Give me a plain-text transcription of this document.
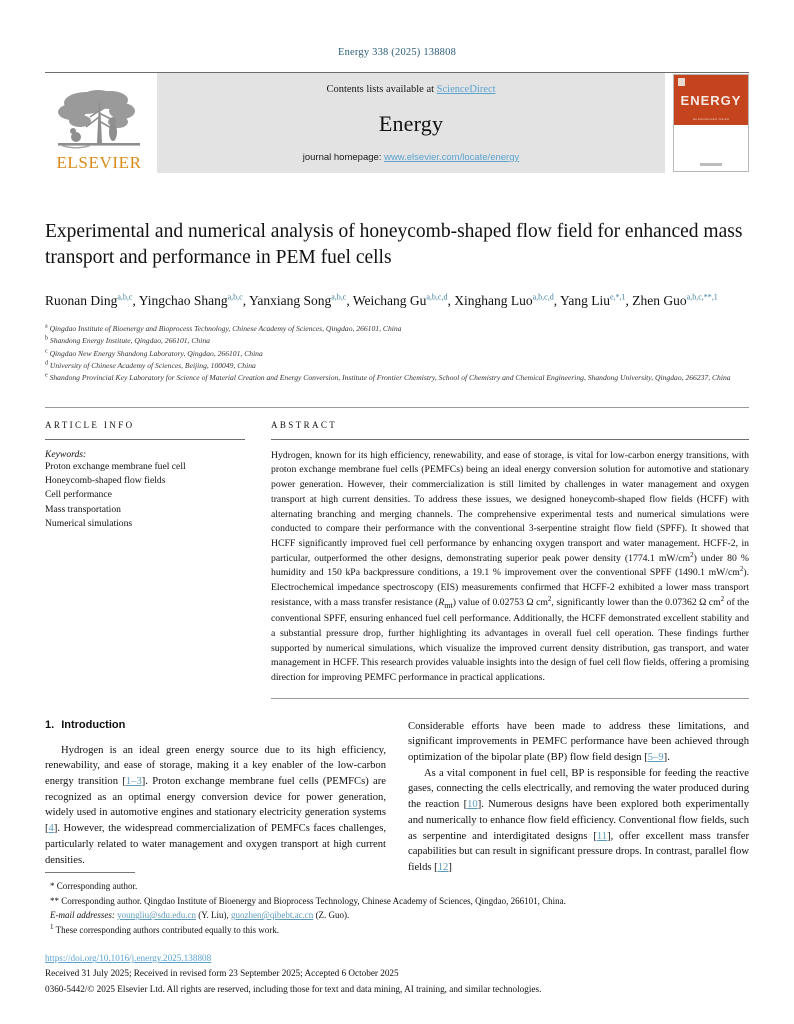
Energy 338 (2025) 138808
ELSEVIER
Contents lists available at ScienceDirect
Energy
journal homepage: www.elsevier.com/locate/energy
ENERGY
An International Journal
Experimental and numerical analysis of honeycomb-shaped flow field for enhanced mass transport and performance in PEM fuel cells
Ruonan Ding$^{a,b,c}$, Yingchao Shang$^{a,b,c}$, Yanxiang Song$^{a,b,c}$, Weichang Gu$^{a,b,c,d}$, Xinghang Luo$^{a,b,c,d}$, Yang Liu$^{e,*,1}$, Zhen Guo$^{a,b,c,**,1}$
$^a$ Qingdao Institute of Bioenergy and Bioprocess Technology, Chinese Academy of Sciences, Qingdao, 266101, China
$^b$ Shandong Energy Institute, Qingdao, 266101, China
$^c$ Qingdao New Energy Shandong Laboratory, Qingdao, 266101, China
$^d$ University of Chinese Academy of Sciences, Beijing, 100049, China
$^e$ Shandong Provincial Key Laboratory for Science of Material Creation and Energy Conversion, Institute of Frontier Chemistry, School of Chemistry and Chemical Engineering, Shandong University, Qingdao, 266237, China
ARTICLE INFO
Keywords:
Proton exchange membrane fuel cell
Honeycomb-shaped flow fields
Cell performance
Mass transportation
Numerical simulations
ABSTRACT
Hydrogen, known for its high efficiency, renewability, and ease of storage, is vital for low-carbon energy transitions, with proton exchange membrane fuel cells (PEMFCs) being an ideal energy conversion solution for automotive and stationary power generation. However, their commercialization is still limited by challenges in water management and oxygen transport at high current densities. To address these issues, we designed honeycomb-shaped flow fields (HCFF) with alternating branching and merging channels. The comprehensive experimental tests and numerical simulations were conducted to compare their performance with the conventional 3-serpentine straight flow field (SPFF). It showed that HCFF significantly improved fuel cell performance by enhancing oxygen transport and water management. HCFF-2, in particular, outperformed the other designs, demonstrating superior peak power density (1774.1 $mW/cm^2$) under 80 % humidity and 150 kPa backpressure conditions, a 19.1 % improvement over the conventional SPFF (1490.1 $mW/cm^2$). Electrochemical impedance spectroscopy (EIS) measurements confirmed that HCFF-2 exhibited a lower mass transport resistance, with a mass transfer resistance $(R_{mt})$ value of 0.02753 Ω $cm^2$, significantly lower than the 0.07362 Ω $cm^2$ of the conventional SPFF, ensuring enhanced fuel cell performance. Additionally, the HCFF demonstrated excellent stability and a substantial pressure drop, further highlighting its advantages in overall fuel cell operation. These findings further supported by numerical simulations, which visualize the improved current density distribution, gas transport, and water management in HCFF. This research provides valuable insights into the design of fuel cell flow fields, offering a promising direction for improving PEMFC performance in practical applications.
1. Introduction

Hydrogen is an ideal green energy source due to its high efficiency, renewability, and ease of storage, making it a key enabler of the low-carbon energy transition [1–3]. Proton exchange membrane fuel cells (PEMFCs) are recognized as an optimal energy conversion device for power generation, widely used in automotive engines and stationary electricity generation systems [4]. However, the widespread commercialization of PEMFCs faces challenges, particularly related to water management and oxygen transport at high current densities.

Considerable efforts have been made to address these limitations, and significant improvements in PEMFC performance have been achieved through optimization of the bipolar plate (BP) flow field design [5–9].

As a vital component in fuel cell, BP is responsible for feeding the reactive gases, connecting the cells electrically, and removing the water produced during the reaction [10]. Numerous designs have been explored both experimentally and numerically to enhance flow field efficiency. Conventional flow fields, such as serpentine and interdigitated designs [11], offer excellent mass transfer capabilities but can result in significant pressure drops. In contrast, parallel flow fields [12]

* Corresponding author.
** Corresponding author. Qingdao Institute of Bioenergy and Bioprocess Technology, Chinese Academy of Sciences, Qingdao, 266101, China.
E-mail addresses: youngliu@sdu.edu.cn (Y. Liu), guozhen@qibebt.ac.cn (Z. Guo).
$^1$ These corresponding authors contributed equally to this work.
https://doi.org/10.1016/j.energy.2025.138808
Received 31 July 2025; Received in revised form 23 September 2025; Accepted 6 October 2025
0360-5442/© 2025 Elsevier Ltd. All rights are reserved, including those for text and data mining, AI training, and similar technologies.
